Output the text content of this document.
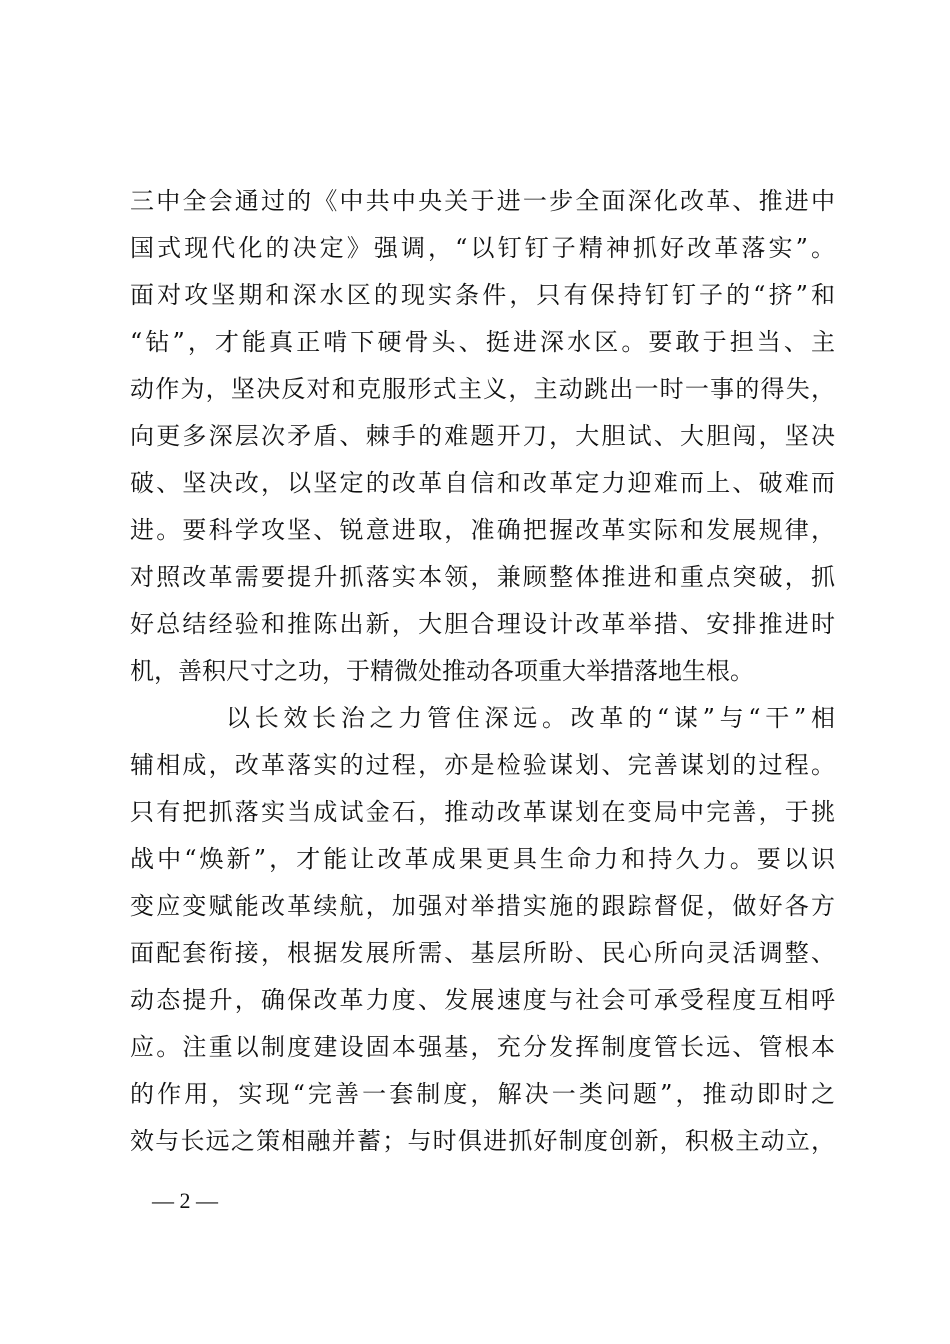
三中全会通过的《中共中央关于进一步全面深化改革、推进中
国式现代化的决定》强调，“以钉钉子精神抓好改革落实”。
面对攻坚期和深水区的现实条件，只有保持钉钉子的“挤”和
“钻”，才能真正啃下硬骨头、挺进深水区。要敢于担当、主
动作为，坚决反对和克服形式主义，主动跳出一时一事的得失，
向更多深层次矛盾、棘手的难题开刀，大胆试、大胆闯，坚决
破、坚决改，以坚定的改革自信和改革定力迎难而上、破难而
进。要科学攻坚、锐意进取，准确把握改革实际和发展规律，
对照改革需要提升抓落实本领，兼顾整体推进和重点突破，抓
好总结经验和推陈出新，大胆合理设计改革举措、安排推进时
机，善积尺寸之功，于精微处推动各项重大举措落地生根。
以长效长治之力管住深远。改革的“谋”与“干”相
辅相成，改革落实的过程，亦是检验谋划、完善谋划的过程。
只有把抓落实当成试金石，推动改革谋划在变局中完善，于挑
战中“焕新”，才能让改革成果更具生命力和持久力。要以识
变应变赋能改革续航，加强对举措实施的跟踪督促，做好各方
面配套衔接，根据发展所需、基层所盼、民心所向灵活调整、
动态提升，确保改革力度、发展速度与社会可承受程度互相呼
应。注重以制度建设固本强基，充分发挥制度管长远、管根本
的作用，实现“完善一套制度，解决一类问题”，推动即时之
效与长远之策相融并蓄；与时俱进抓好制度创新，积极主动立，
— 2 —
